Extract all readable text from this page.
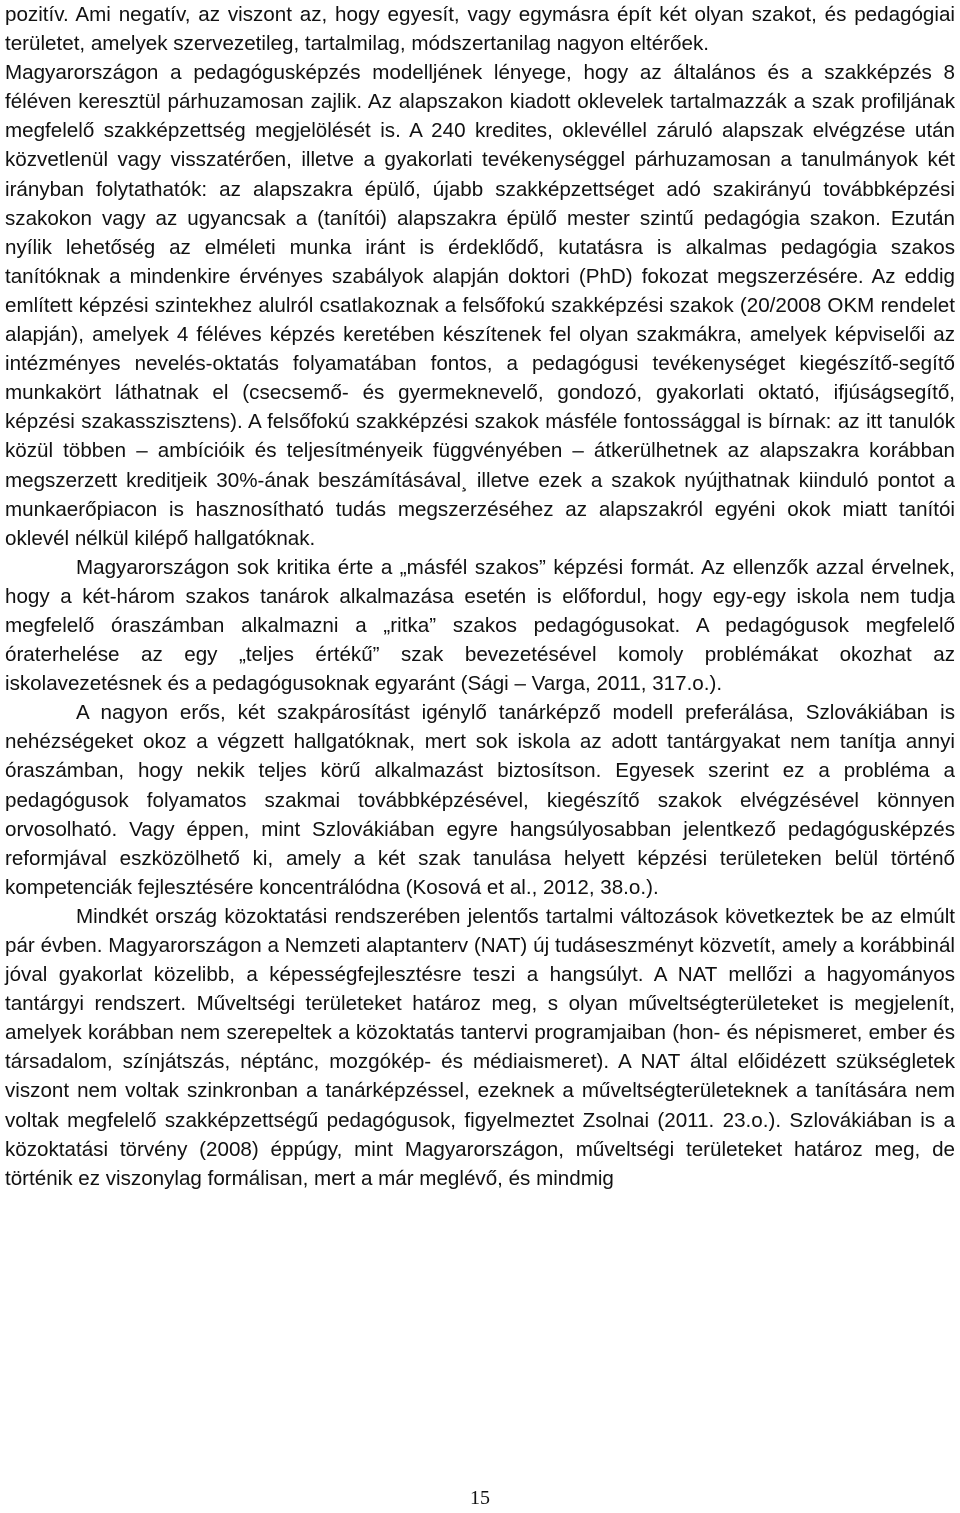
pozitív. Ami negatív, az viszont az, hogy egyesít, vagy egymásra épít két olyan szakot, és pedagógiai területet, amelyek szervezetileg, tartalmilag, módszertanilag nagyon eltérőek.

Magyarországon a pedagógusképzés modelljének lényege, hogy az általános és a szakképzés 8 féléven keresztül párhuzamosan zajlik. Az alapszakon kiadott oklevelek tartalmazzák a szak profiljának megfelelő szakképzettség megjelölését is. A 240 kredites, oklevéllel záruló alapszak elvégzése után közvetlenül vagy visszatérően, illetve a gyakorlati tevékenységgel párhuzamosan a tanulmányok két irányban folytathatók: az alapszakra épülő, újabb szakképzettséget adó szakirányú továbbképzési szakokon vagy az ugyancsak a (tanítói) alapszakra épülő mester szintű pedagógia szakon. Ezután nyílik lehetőség az elméleti munka iránt is érdeklődő, kutatásra is alkalmas pedagógia szakos tanítóknak a mindenkire érvényes szabályok alapján doktori (PhD) fokozat megszerzésére. Az eddig említett képzési szintekhez alulról csatlakoznak a felsőfokú szakképzési szakok (20/2008 OKM rendelet alapján), amelyek 4 féléves képzés keretében készítenek fel olyan szakmákra, amelyek képviselői az intézményes nevelés-oktatás folyamatában fontos, a pedagógusi tevékenységet kiegészítő-segítő munkakört láthatnak el (csecsemő- és gyermeknevelő, gondozó, gyakorlati oktató, ifjúságsegítő, képzési szakasszisztens). A felsőfokú szakképzési szakok másféle fontossággal is bírnak: az itt tanulók közül többen – ambícióik és teljesítményeik függvényében – átkerülhetnek az alapszakra korábban megszerzett kreditjeik 30%-ának beszámításával¸ illetve ezek a szakok nyújthatnak kiinduló pontot a munkaerőpiacon is hasznosítható tudás megszerzéséhez az alapszakról egyéni okok miatt tanítói oklevél nélkül kilépő hallgatóknak.

Magyarországon sok kritika érte a „másfél szakos” képzési formát. Az ellenzők azzal érvelnek, hogy a két-három szakos tanárok alkalmazása esetén is előfordul, hogy egy-egy iskola nem tudja megfelelő óraszámban alkalmazni a „ritka” szakos pedagógusokat. A pedagógusok megfelelő óraterhelése az egy „teljes értékű” szak bevezetésével komoly problémákat okozhat az iskolavezetésnek és a pedagógusoknak egyaránt (Sági – Varga, 2011, 317.o.).

A nagyon erős, két szakpárosítást igénylő tanárképző modell preferálása, Szlovákiában is nehézségeket okoz a végzett hallgatóknak, mert sok iskola az adott tantárgyakat nem tanítja annyi óraszámban, hogy nekik teljes körű alkalmazást biztosítson. Egyesek szerint ez a probléma a pedagógusok folyamatos szakmai továbbképzésével, kiegészítő szakok elvégzésével könnyen orvosolható. Vagy éppen, mint Szlovákiában egyre hangsúlyosabban jelentkező pedagógusképzés reformjával eszközölhető ki, amely a két szak tanulása helyett képzési területeken belül történő kompetenciák fejlesztésére koncentrálódna (Kosová et al., 2012, 38.o.).

Mindkét ország közoktatási rendszerében jelentős tartalmi változások következtek be az elmúlt pár évben. Magyarországon a Nemzeti alaptanterv (NAT) új tudáseszményt közvetít, amely a korábbinál jóval gyakorlat közelibb, a képességfejlesztésre teszi a hangsúlyt. A NAT mellőzi a hagyományos tantárgyi rendszert. Műveltségi területeket határoz meg, s olyan műveltségterületeket is megjelenít, amelyek korábban nem szerepeltek a közoktatás tantervi programjaiban (hon- és népismeret, ember és társadalom, színjátszás, néptánc, mozgókép- és médiaismeret). A NAT által előidézett szükségletek viszont nem voltak szinkronban a tanárképzéssel, ezeknek a műveltségterületeknek a tanítására nem voltak megfelelő szakképzettségű pedagógusok, figyelmeztet Zsolnai (2011. 23.o.). Szlovákiában is a közoktatási törvény (2008) éppúgy, mint Magyarországon, műveltségi területeket határoz meg, de történik ez viszonylag formálisan, mert a már meglévő, és mindmig

15
